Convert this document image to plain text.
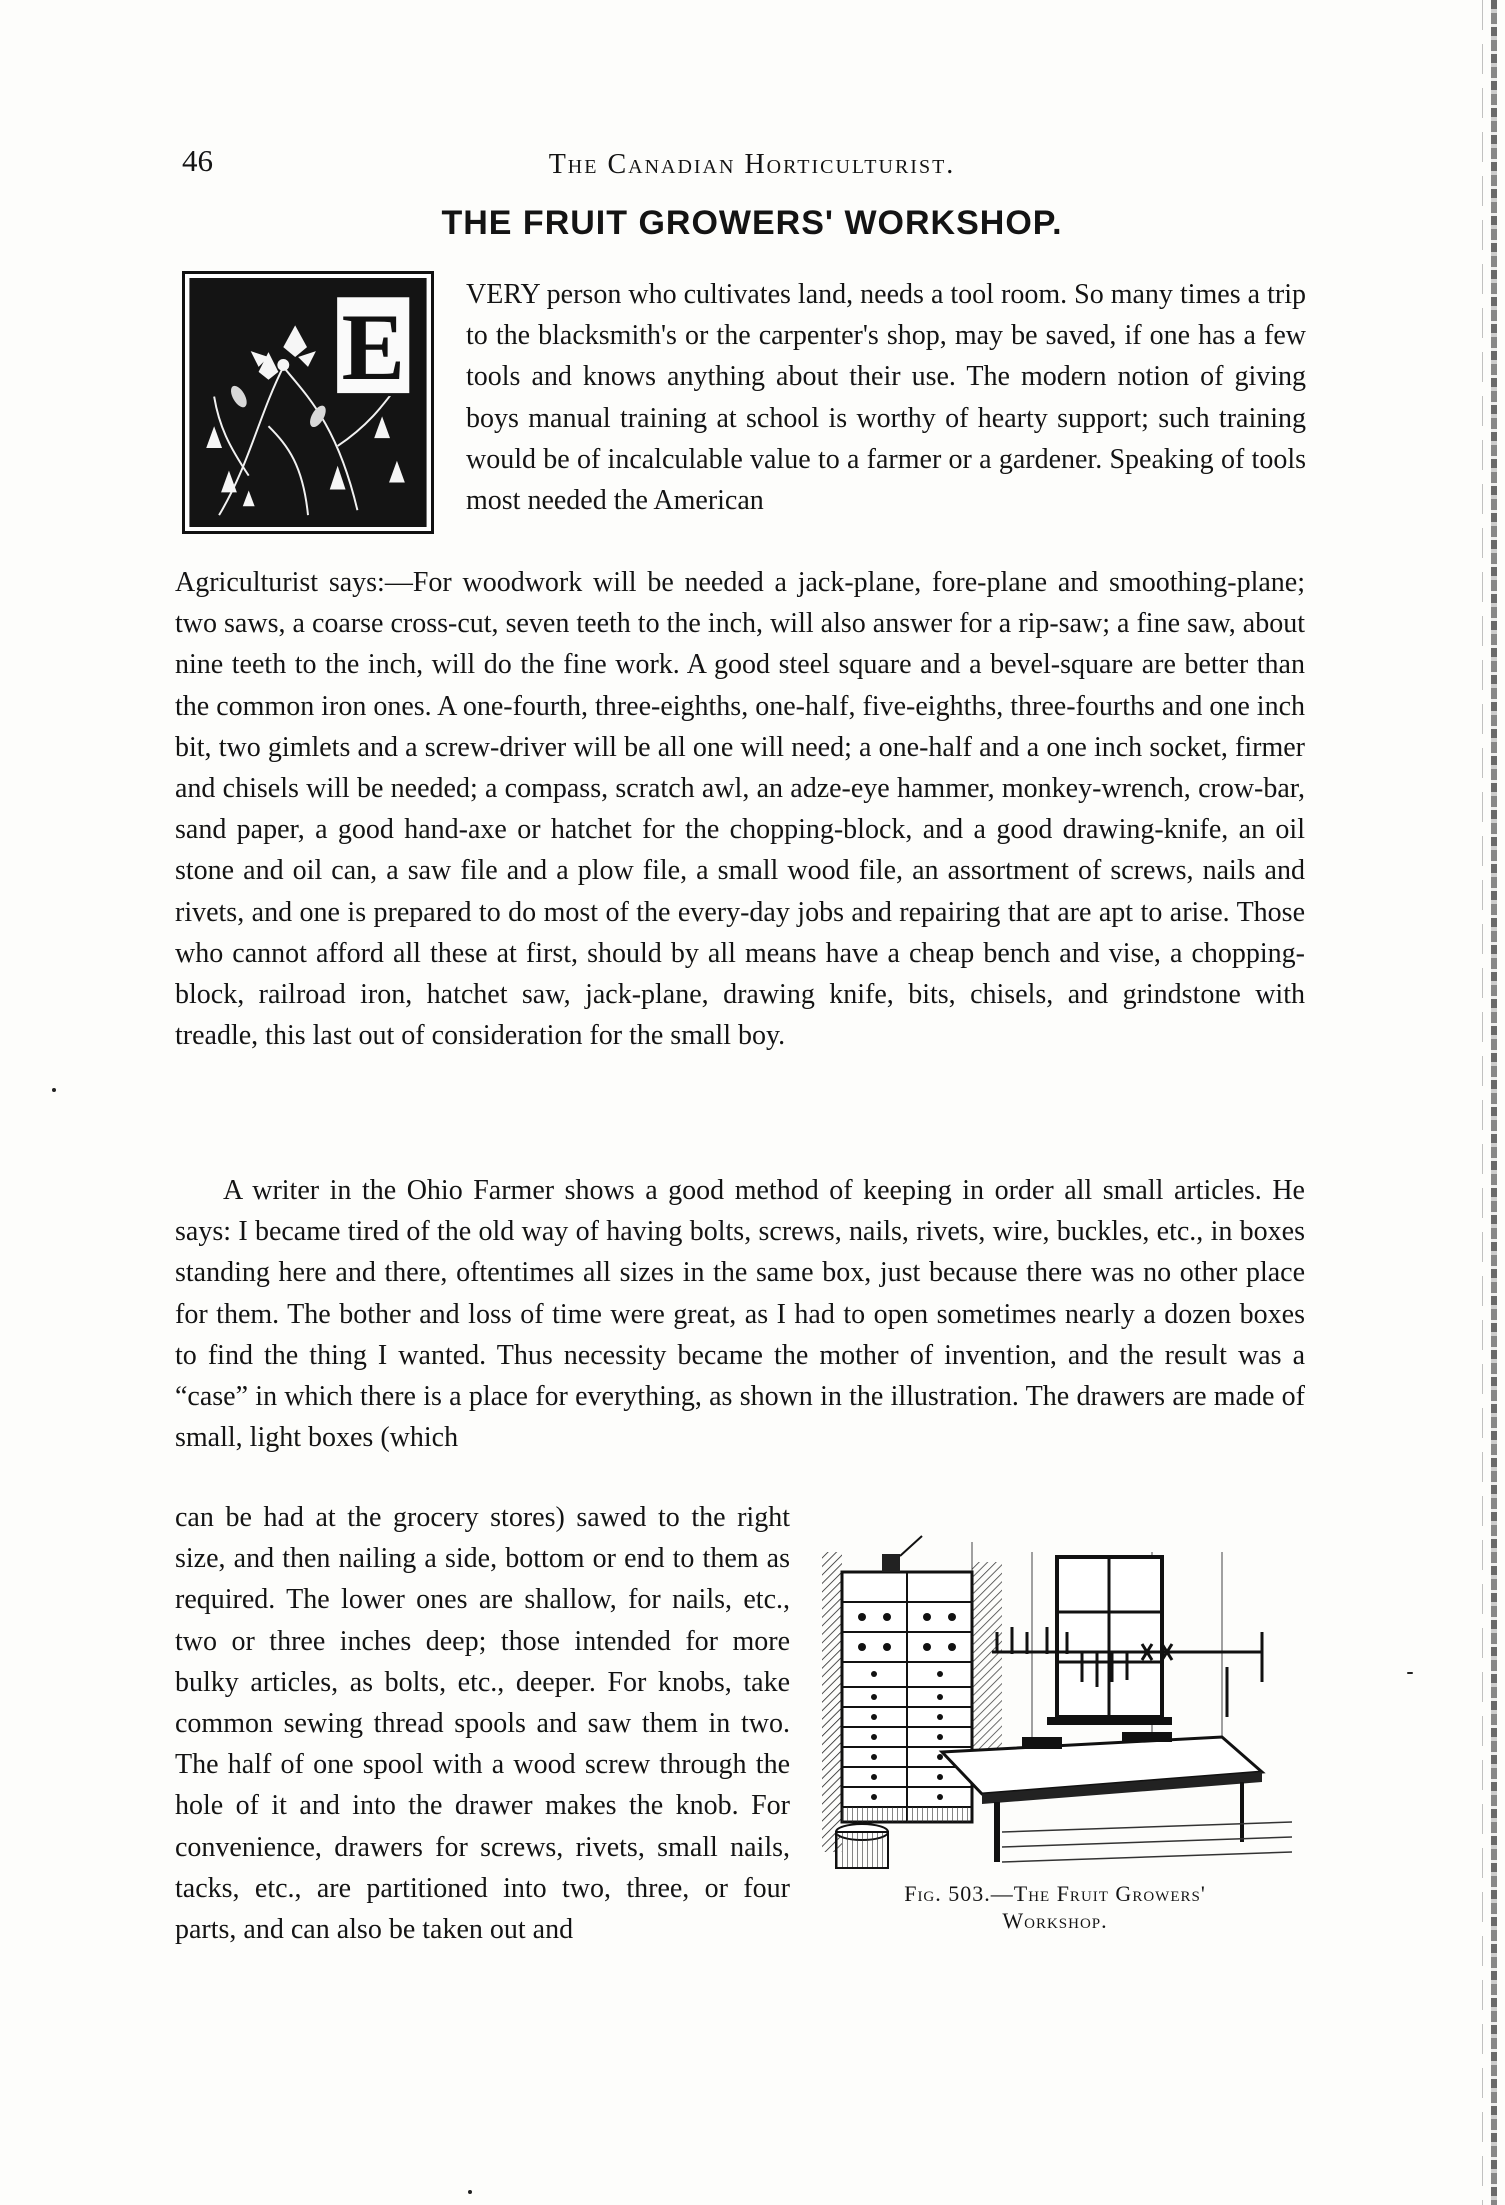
46	The Canadian Horticulturist.
THE FRUIT GROWERS' WORKSHOP.
E VERY person who cultivates land, needs a tool room. So many times a trip to the blacksmith's or the carpenter's shop, may be saved, if one has a few tools and knows anything about their use. The modern notion of giving boys manual training at school is worthy of hearty support; such training would be of incalculable value to a farmer or a gardener. Speaking of tools most needed the American
Agriculturist says:—For woodwork will be needed a jack-plane, fore-plane and smoothing-plane; two saws, a coarse cross-cut, seven teeth to the inch, will also answer for a rip-saw; a fine saw, about nine teeth to the inch, will do the fine work. A good steel square and a bevel-square are better than the common iron ones. A one-fourth, three-eighths, one-half, five-eighths, three-fourths and one inch bit, two gimlets and a screw-driver will be all one will need; a one-half and a one inch socket, firmer and chisels will be needed; a compass, scratch awl, an adze-eye hammer, monkey-wrench, crow-bar, sand paper, a good hand-axe or hatchet for the chopping-block, and a good drawing-knife, an oil stone and oil can, a saw file and a plow file, a small wood file, an assortment of screws, nails and rivets, and one is prepared to do most of the every-day jobs and repairing that are apt to arise. Those who cannot afford all these at first, should by all means have a cheap bench and vise, a chopping-block, railroad iron, hatchet saw, jack-plane, drawing knife, bits, chisels, and grindstone with treadle, this last out of consideration for the small boy.
A writer in the Ohio Farmer shows a good method of keeping in order all small articles. He says: I became tired of the old way of having bolts, screws, nails, rivets, wire, buckles, etc., in boxes standing here and there, oftentimes all sizes in the same box, just because there was no other place for them. The bother and loss of time were great, as I had to open sometimes nearly a dozen boxes to find the thing I wanted. Thus necessity became the mother of invention, and the result was a “case” in which there is a place for everything, as shown in the illustration. The drawers are made of small, light boxes (which
can be had at the grocery stores) sawed to the right size, and then nailing a side, bottom or end to them as required. The lower ones are shallow, for nails, etc., two or three inches deep; those intended for more bulky articles, as bolts, etc., deeper. For knobs, take common sewing thread spools and saw them in two. The half of one spool with a wood screw through the hole of it and into the drawer makes the knob. For convenience, drawers for screws, rivets, small nails, tacks, etc., are partitioned into two, three, or four parts, and can also be taken out and
Fig. 503.—The Fruit Growers'
Workshop.
